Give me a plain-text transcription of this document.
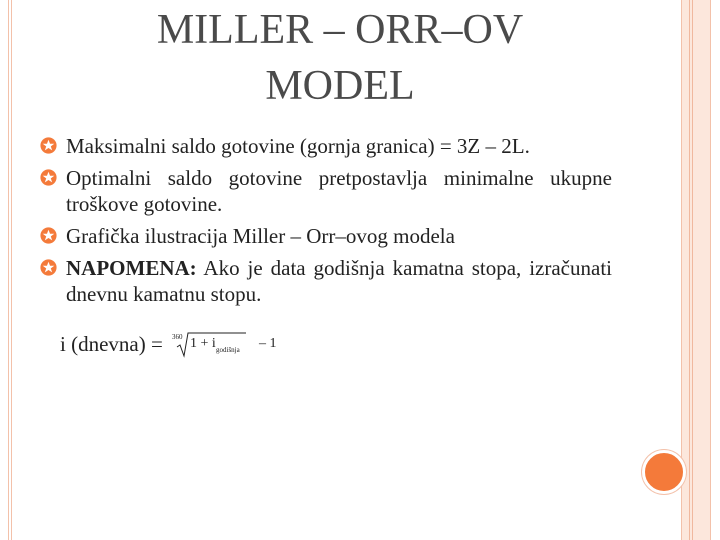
MILLER – ORR–OV
MODEL
Maksimalni saldo gotovine (gornja granica) = 3Z – 2L.
Optimalni saldo gotovine pretpostavlja minimalne ukupne troškove gotovine.
Grafička ilustracija Miller – Orr–ovog modela
NAPOMENA: Ako je data godišnja kamatna stopa, izračunati dnevnu kamatnu stopu.
i (dnevna) = 360 1 + i godišnja – 1
